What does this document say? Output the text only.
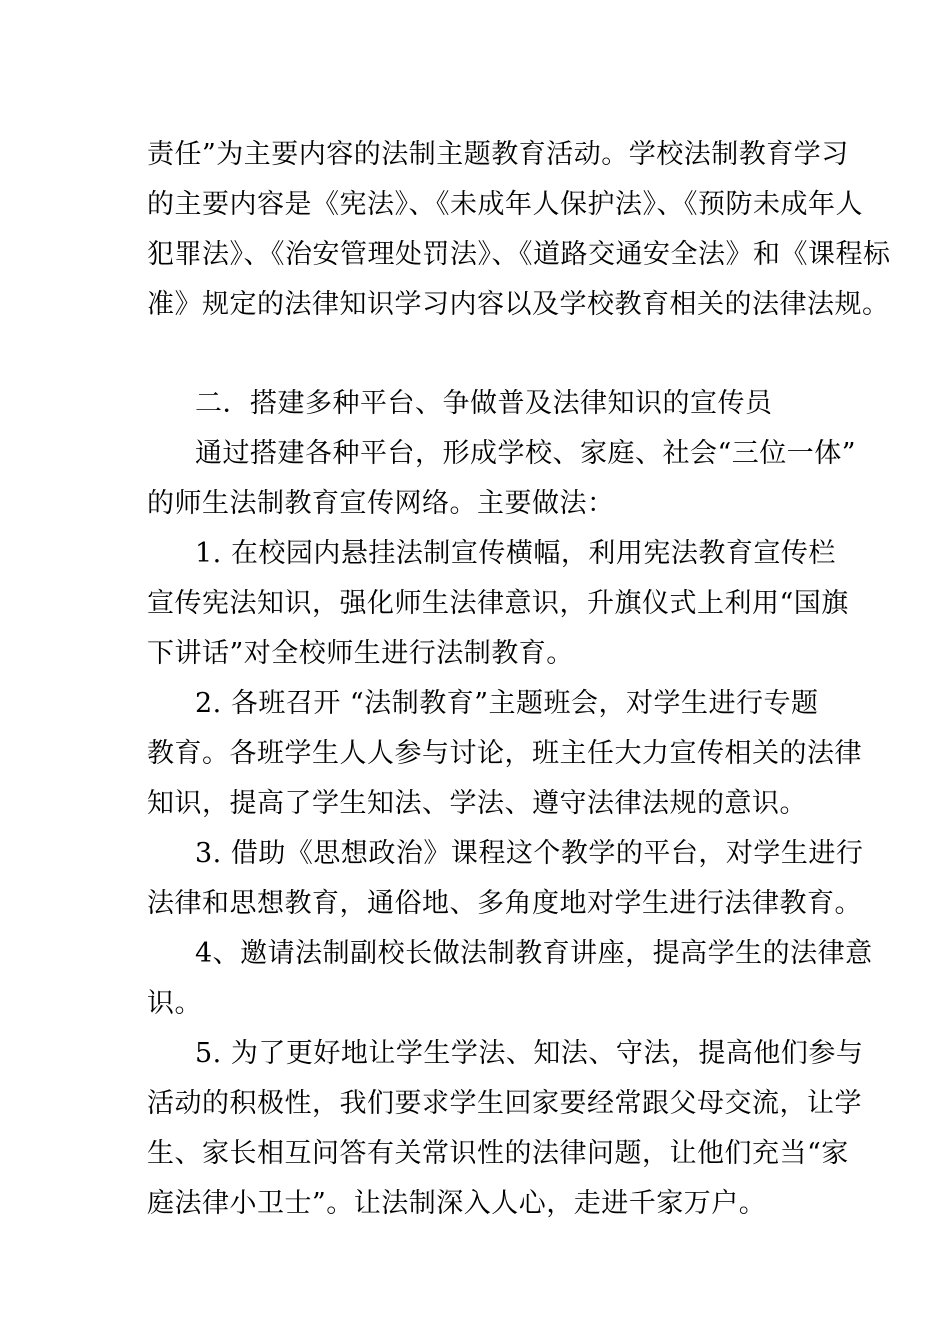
责任”为主要内容的法制主题教育活动。学校法制教育学习
的主要内容是《宪法》、《未成年人保护法》、《预防未成年人
犯罪法》、《治安管理处罚法》、《道路交通安全法》和《课程标
准》规定的法律知识学习内容以及学校教育相关的法律法规。
二．搭建多种平台、争做普及法律知识的宣传员
通过搭建各种平台，形成学校、家庭、社会“三位一体”
的师生法制教育宣传网络。主要做法：
1. 在校园内悬挂法制宣传横幅，利用宪法教育宣传栏
宣传宪法知识，强化师生法律意识，升旗仪式上利用“国旗
下讲话”对全校师生进行法制教育。
2. 各班召开 “法制教育”主题班会，对学生进行专题
教育。各班学生人人参与讨论，班主任大力宣传相关的法律
知识，提高了学生知法、学法、遵守法律法规的意识。
3. 借助《思想政治》课程这个教学的平台，对学生进行
法律和思想教育，通俗地、多角度地对学生进行法律教育。
4、邀请法制副校长做法制教育讲座，提高学生的法律意
识。
5. 为了更好地让学生学法、知法、守法，提高他们参与
活动的积极性，我们要求学生回家要经常跟父母交流，让学
生、家长相互问答有关常识性的法律问题，让他们充当“家
庭法律小卫士”。让法制深入人心，走进千家万户。
